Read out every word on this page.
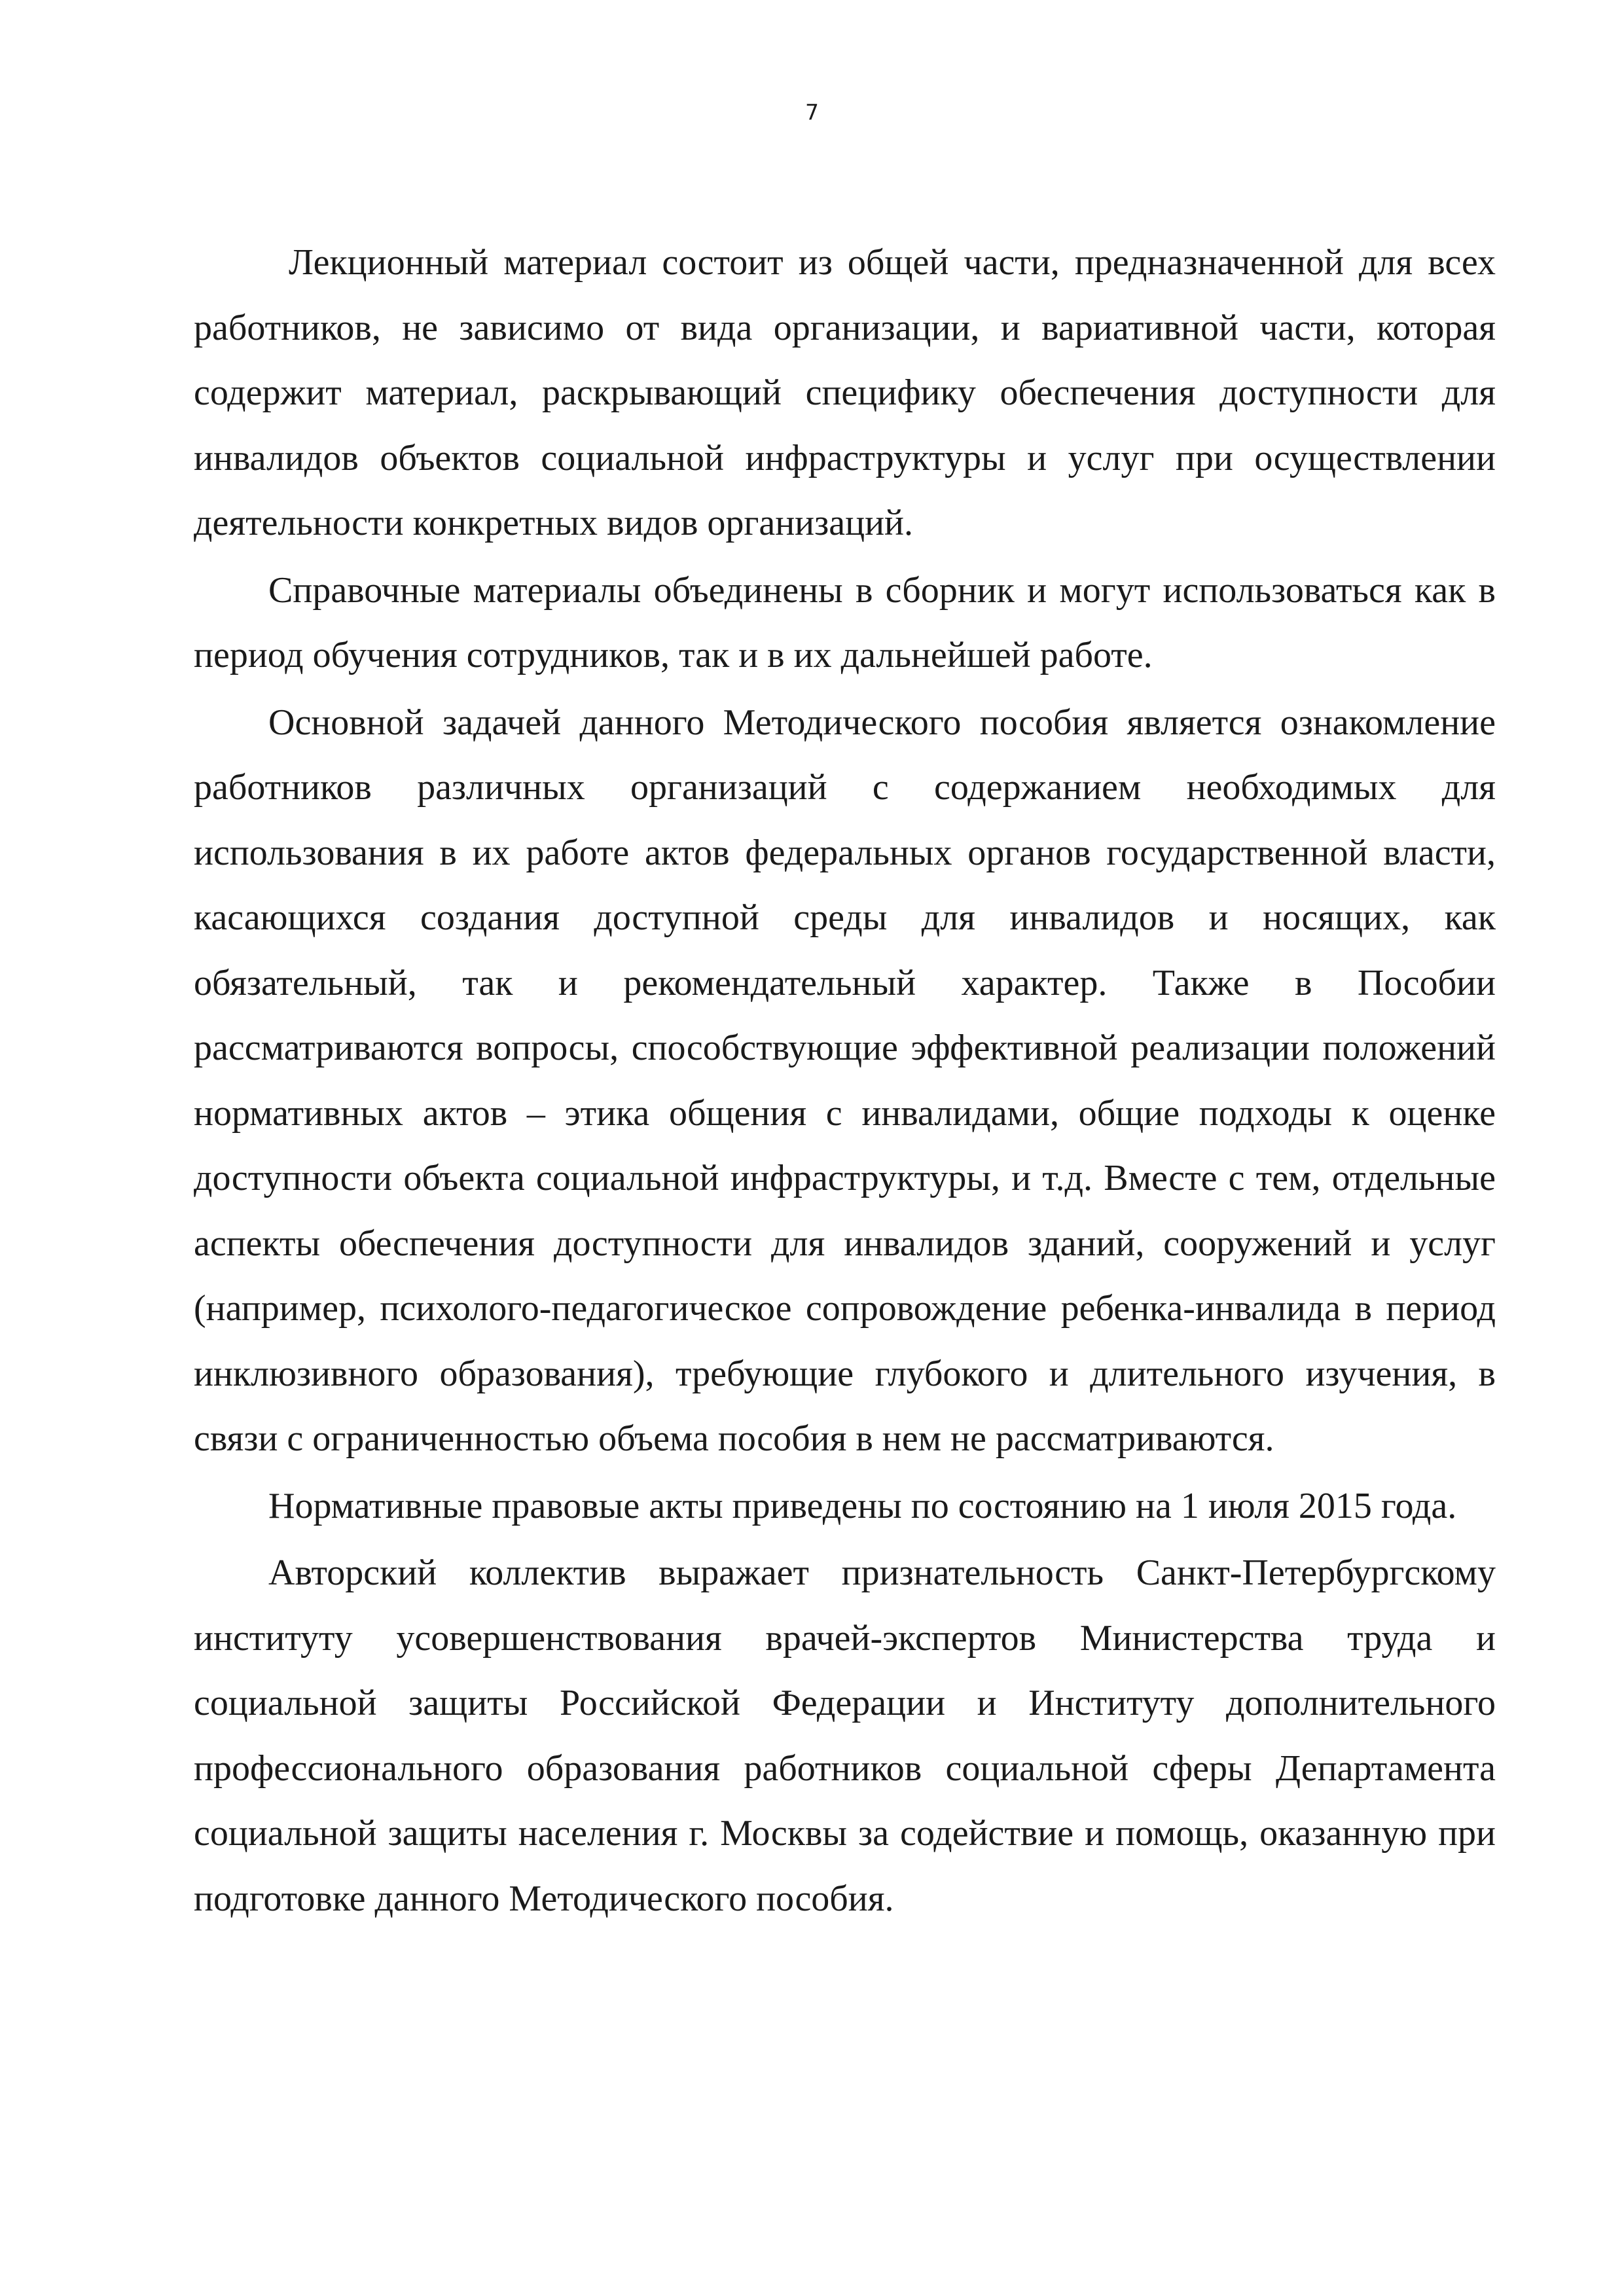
7

Лекционный материал состоит из общей части, предназначенной для всех работников, не зависимо от вида организации, и вариативной части, которая содержит материал, раскрывающий специфику обеспечения доступности для инвалидов объектов социальной инфраструктуры и услуг при осуществлении деятельности конкретных видов организаций.

Справочные материалы объединены в сборник и могут использоваться как в период обучения сотрудников, так и в их дальнейшей работе.

Основной задачей данного Методического пособия является ознакомление работников различных организаций с содержанием необходимых для использования в их работе актов федеральных органов государственной власти, касающихся создания доступной среды для инвалидов и носящих, как обязательный, так и рекомендательный характер. Также в Пособии рассматриваются вопросы, способствующие эффективной реализации положений нормативных актов – этика общения с инвалидами, общие подходы к оценке доступности объекта социальной инфраструктуры, и т.д. Вместе с тем, отдельные аспекты обеспечения доступности для инвалидов зданий, сооружений и услуг (например, психолого-педагогическое сопровождение ребенка-инвалида в период инклюзивного образования), требующие глубокого и длительного изучения, в связи с ограниченностью объема пособия в нем не рассматриваются.

Нормативные правовые акты приведены по состоянию на 1 июля 2015 года.

Авторский коллектив выражает признательность Санкт-Петербургскому институту усовершенствования врачей-экспертов Министерства труда и социальной защиты Российской Федерации и Институту дополнительного профессионального образования работников социальной сферы Департамента социальной защиты населения г. Москвы за содействие и помощь, оказанную при подготовке данного Методического пособия.
